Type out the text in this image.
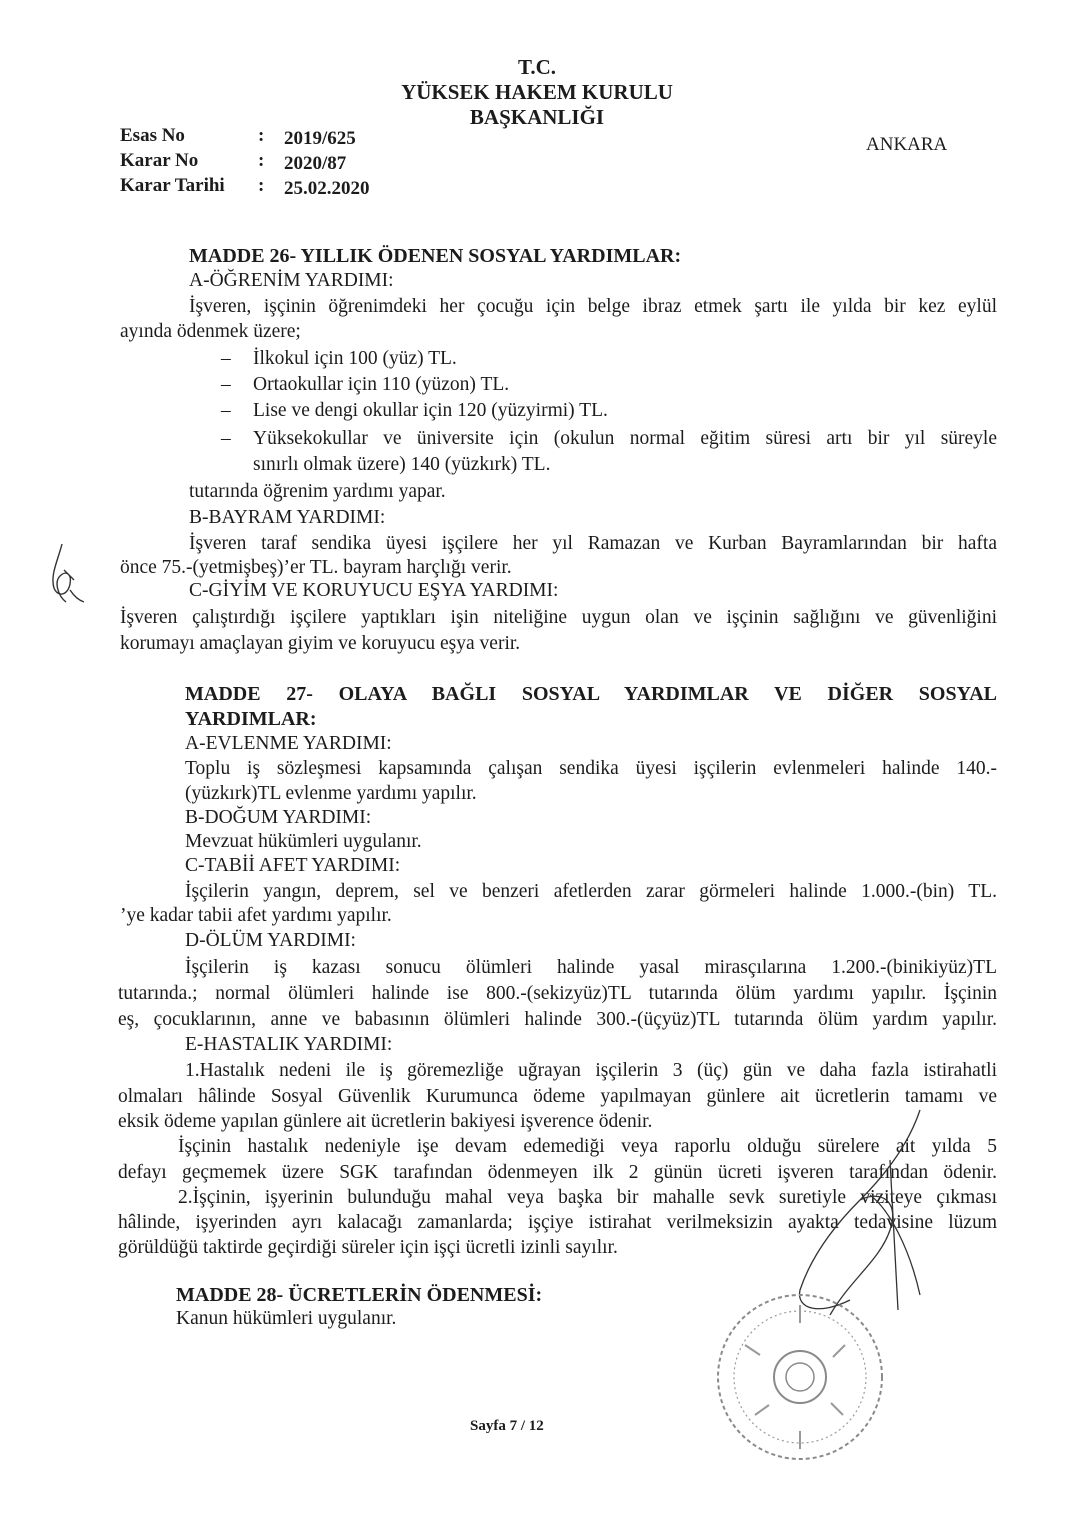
T.C.
YÜKSEK HAKEM KURULU
BAŞKANLIĞI
ANKARA
Esas No	: 2019/625
Karar No	: 2020/87
Karar Tarihi : 25.02.2020
MADDE 26- YILLIK ÖDENEN SOSYAL YARDIMLAR:
A-ÖĞRENİM YARDIMI:
İşveren, işçinin öğrenimdeki her çocuğu için belge ibraz etmek şartı ile yılda bir kez eylül
ayında ödenmek üzere;
– İlkokul için 100 (yüz) TL.
– Ortaokullar için 110 (yüzon) TL.
– Lise ve dengi okullar için 120 (yüzyirmi) TL.
– Yüksekokullar ve üniversite için (okulun normal eğitim süresi artı bir yıl süreyle
sınırlı olmak üzere) 140 (yüzkırk) TL.
tutarında öğrenim yardımı yapar.
B-BAYRAM YARDIMI:
İşveren taraf sendika üyesi işçilere her yıl Ramazan ve Kurban Bayramlarından bir hafta
önce 75.-(yetmişbeş)’er TL. bayram harçlığı verir.
C-GİYİM VE KORUYUCU EŞYA YARDIMI:
İşveren çalıştırdığı işçilere yaptıkları işin niteliğine uygun olan ve işçinin sağlığını ve güvenliğini
korumayı amaçlayan giyim ve koruyucu eşya verir.
MADDE 27- OLAYA BAĞLI SOSYAL YARDIMLAR VE DİĞER SOSYAL
YARDIMLAR:
A-EVLENME YARDIMI:
Toplu iş sözleşmesi kapsamında çalışan sendika üyesi işçilerin evlenmeleri halinde 140.-
(yüzkırk)TL evlenme yardımı yapılır.
B-DOĞUM YARDIMI:
Mevzuat hükümleri uygulanır.
C-TABİİ AFET YARDIMI:
İşçilerin yangın, deprem, sel ve benzeri afetlerden zarar görmeleri halinde 1.000.-(bin) TL.
’ye kadar tabii afet yardımı yapılır.
D-ÖLÜM YARDIMI:
İşçilerin iş kazası sonucu ölümleri halinde yasal mirasçılarına 1.200.-(binikiyüz)TL
tutarında.; normal ölümleri halinde ise 800.-(sekizyüz)TL tutarında ölüm yardımı yapılır. İşçinin
eş, çocuklarının, anne ve babasının ölümleri halinde 300.-(üçyüz)TL tutarında ölüm yardım yapılır.
E-HASTALIK YARDIMI:
1.Hastalık nedeni ile iş göremezliğe uğrayan işçilerin 3 (üç) gün ve daha fazla istirahatli
olmaları hâlinde Sosyal Güvenlik Kurumunca ödeme yapılmayan günlere ait ücretlerin tamamı ve
eksik ödeme yapılan günlere ait ücretlerin bakiyesi işverence ödenir.
İşçinin hastalık nedeniyle işe devam edemediği veya raporlu olduğu sürelere ait yılda 5
defayı geçmemek üzere SGK tarafından ödenmeyen ilk 2 günün ücreti işveren tarafından ödenir.
2.İşçinin, işyerinin bulunduğu mahal veya başka bir mahalle sevk suretiyle viziteye çıkması
hâlinde, işyerinden ayrı kalacağı zamanlarda; işçiye istirahat verilmeksizin ayakta tedavisine lüzum
görüldüğü taktirde geçirdiği süreler için işçi ücretli izinli sayılır.
MADDE 28- ÜCRETLERİN ÖDENMESİ:
Kanun hükümleri uygulanır.
Sayfa 7 / 12
